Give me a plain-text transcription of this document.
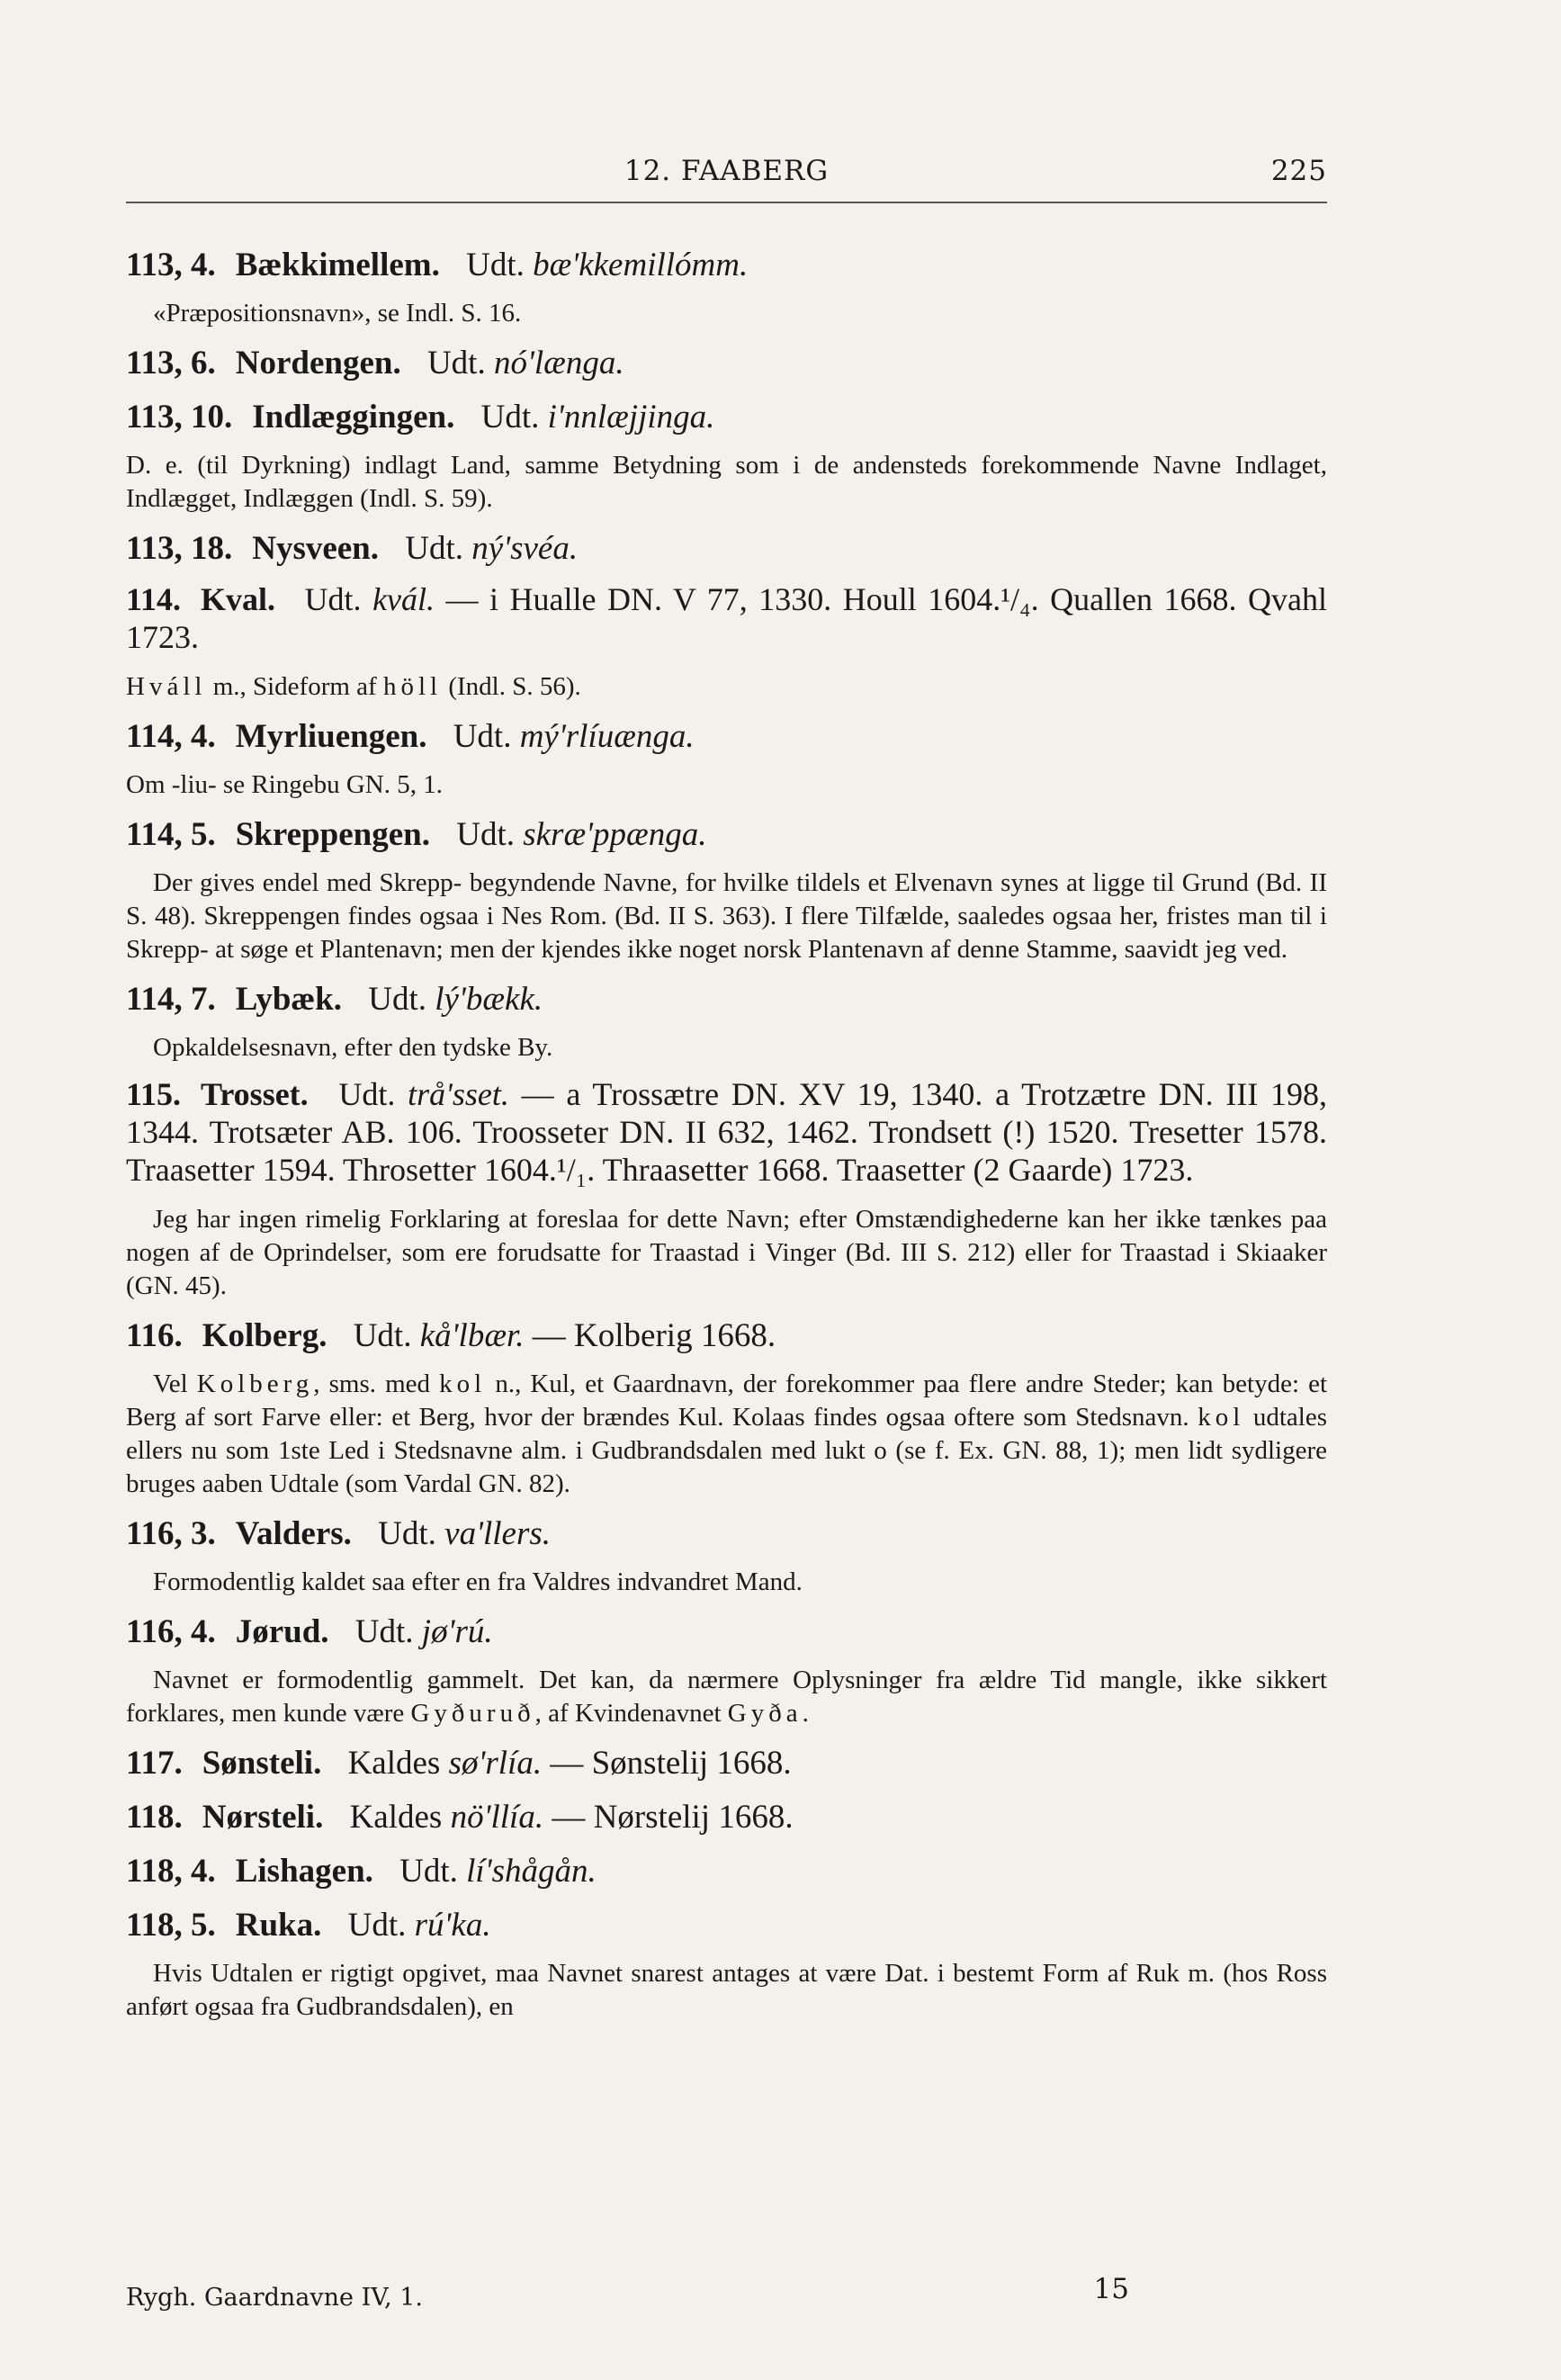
12. FAABERG	225
113, 4. Bækkimellem. Udt. bæ'kkemillómm.

«Præpositionsnavn», se Indl. S. 16.

113, 6. Nordengen. Udt. nó'længa.
113, 10. Indlæggingen. Udt. i'nnlæjjinga.

D. e. (til Dyrkning) indlagt Land, samme Betydning som i de andensteds forekommende Navne Indlaget, Indlægget, Indlæggen (Indl. S. 59).

113, 18. Nysveen. Udt. ný'svéa.

114. Kval. Udt. kvál. — i Hualle DN. V 77, 1330. Houll 1604.¹/₄. Quallen 1668. Qvahl 1723.

Hváll m., Sideform af höll (Indl. S. 56).

114, 4. Myrliuengen. Udt. mý'rlíuænga.

Om -liu- se Ringebu GN. 5, 1.

114, 5. Skreppengen. Udt. skræ'ppænga.

Der gives endel med Skrepp- begyndende Navne, for hvilke tildels et Elvenavn synes at ligge til Grund (Bd. II S. 48). Skreppengen findes ogsaa i Nes Rom. (Bd. II S. 363). I flere Tilfælde, saaledes ogsaa her, fristes man til i Skrepp- at søge et Plantenavn; men der kjendes ikke noget norsk Plantenavn af denne Stamme, saavidt jeg ved.

114, 7. Lybæk. Udt. lý'bækk.

Opkaldelsesnavn, efter den tydske By.

115. Trosset. Udt. trå'sset. — a Trossætre DN. XV 19, 1340. a Trotzætre DN. III 198, 1344. Trotsæter AB. 106. Troosseter DN. II 632, 1462. Trondsett (!) 1520. Tresetter 1578. Traasetter 1594. Throsetter 1604.¹/₁. Thraasetter 1668. Traasetter (2 Gaarde) 1723.

Jeg har ingen rimelig Forklaring at foreslaa for dette Navn; efter Omstændighederne kan her ikke tænkes paa nogen af de Oprindelser, som ere forudsatte for Traastad i Vinger (Bd. III S. 212) eller for Traastad i Skiaaker (GN. 45).

116. Kolberg. Udt. kå'lbær. — Kolberig 1668.

Vel Kolberg, sms. med kol n., Kul, et Gaardnavn, der forekommer paa flere andre Steder; kan betyde: et Berg af sort Farve eller: et Berg, hvor der brændes Kul. Kolaas findes ogsaa oftere som Stedsnavn. kol udtales ellers nu som 1ste Led i Stedsnavne alm. i Gudbrandsdalen med lukt o (se f. Ex. GN. 88, 1); men lidt sydligere bruges aaben Udtale (som Vardal GN. 82).

116, 3. Valders. Udt. va'llers.

Formodentlig kaldet saa efter en fra Valdres indvandret Mand.

116, 4. Jørud. Udt. jø'rú.

Navnet er formodentlig gammelt. Det kan, da nærmere Oplysninger fra ældre Tid mangle, ikke sikkert forklares, men kunde være Gyðuruð, af Kvindenavnet Gyða.

117. Sønsteli. Kaldes sø'rlía. — Sønstelij 1668.
118. Nørsteli. Kaldes nö'llía. — Nørstelij 1668.
118, 4. Lishagen. Udt. lí'shågån.
118, 5. Ruka. Udt. rú'ka.

Hvis Udtalen er rigtigt opgivet, maa Navnet snarest antages at være Dat. i bestemt Form af Ruk m. (hos Ross anført ogsaa fra Gudbrandsdalen), en

Rygh. Gaardnavne IV, 1.	15
